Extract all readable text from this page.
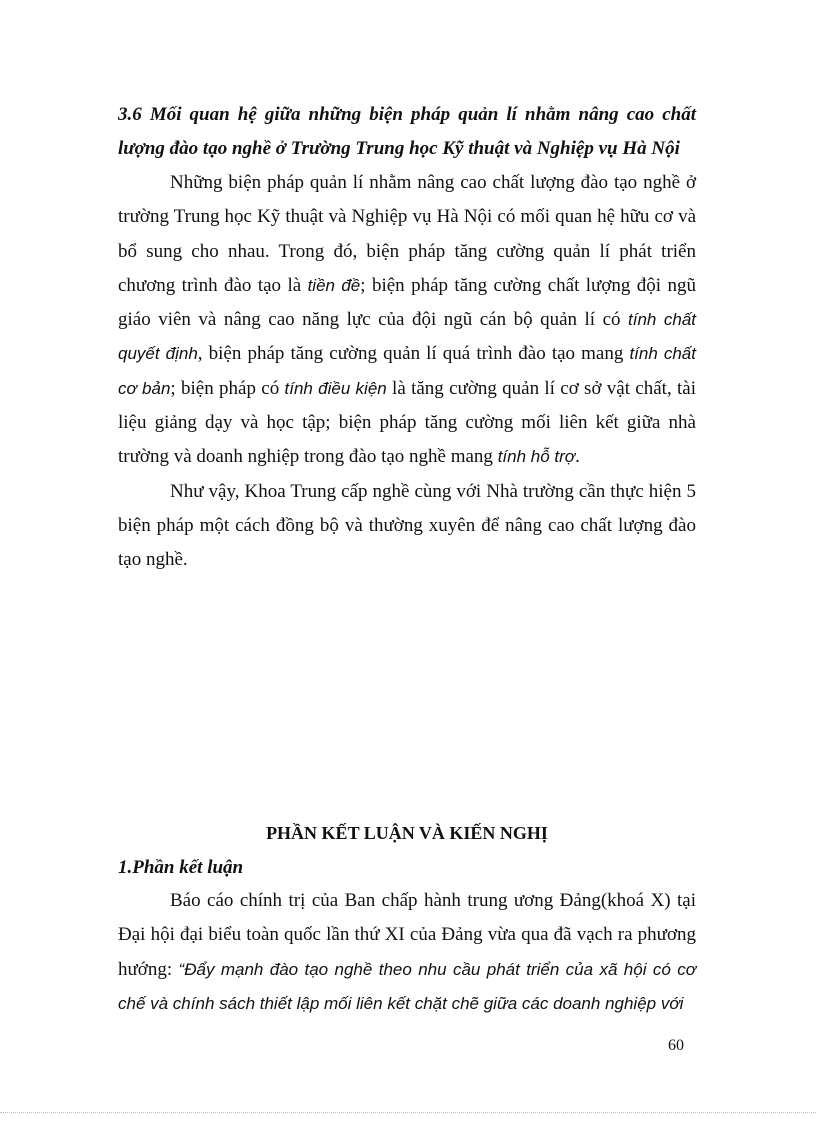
3.6 Mối quan hệ giữa những biện pháp quản lí nhằm nâng cao chất lượng đào tạo nghề ở Trường Trung học Kỹ thuật và Nghiệp vụ Hà Nội

Những biện pháp quản lí nhằm nâng cao chất lượng đào tạo nghề ở trường Trung học Kỹ thuật và Nghiệp vụ Hà Nội có mối quan hệ hữu cơ và bổ sung cho nhau. Trong đó, biện pháp tăng cường quản lí phát triển chương trình đào tạo là tiền đề; biện pháp tăng cường chất lượng đội ngũ giáo viên và nâng cao năng lực của đội ngũ cán bộ quản lí có tính chất quyết định, biện pháp tăng cường quản lí quá trình đào tạo mang tính chất cơ bản; biện pháp có tính điều kiện là tăng cường quản lí cơ sở vật chất, tài liệu giảng dạy và học tập; biện pháp tăng cường mối liên kết giữa nhà trường và doanh nghiệp trong đào tạo nghề mang tính hỗ trợ.

Như vậy, Khoa Trung cấp nghề cùng với Nhà trường cần thực hiện 5 biện pháp một cách đồng bộ và thường xuyên để nâng cao chất lượng đào tạo nghề.

PHẦN KẾT LUẬN VÀ KIẾN NGHỊ

1.Phần kết luận

Báo cáo chính trị của Ban chấp hành trung ương Đảng(khoá X) tại Đại hội đại biểu toàn quốc lần thứ XI của Đảng vừa qua đã vạch ra phương hướng: “Đẩy mạnh đào tạo nghề theo nhu cầu phát triển của xã hội có cơ chế và chính sách thiết lập mối liên kết chặt chẽ giữa các doanh nghiệp với

60
